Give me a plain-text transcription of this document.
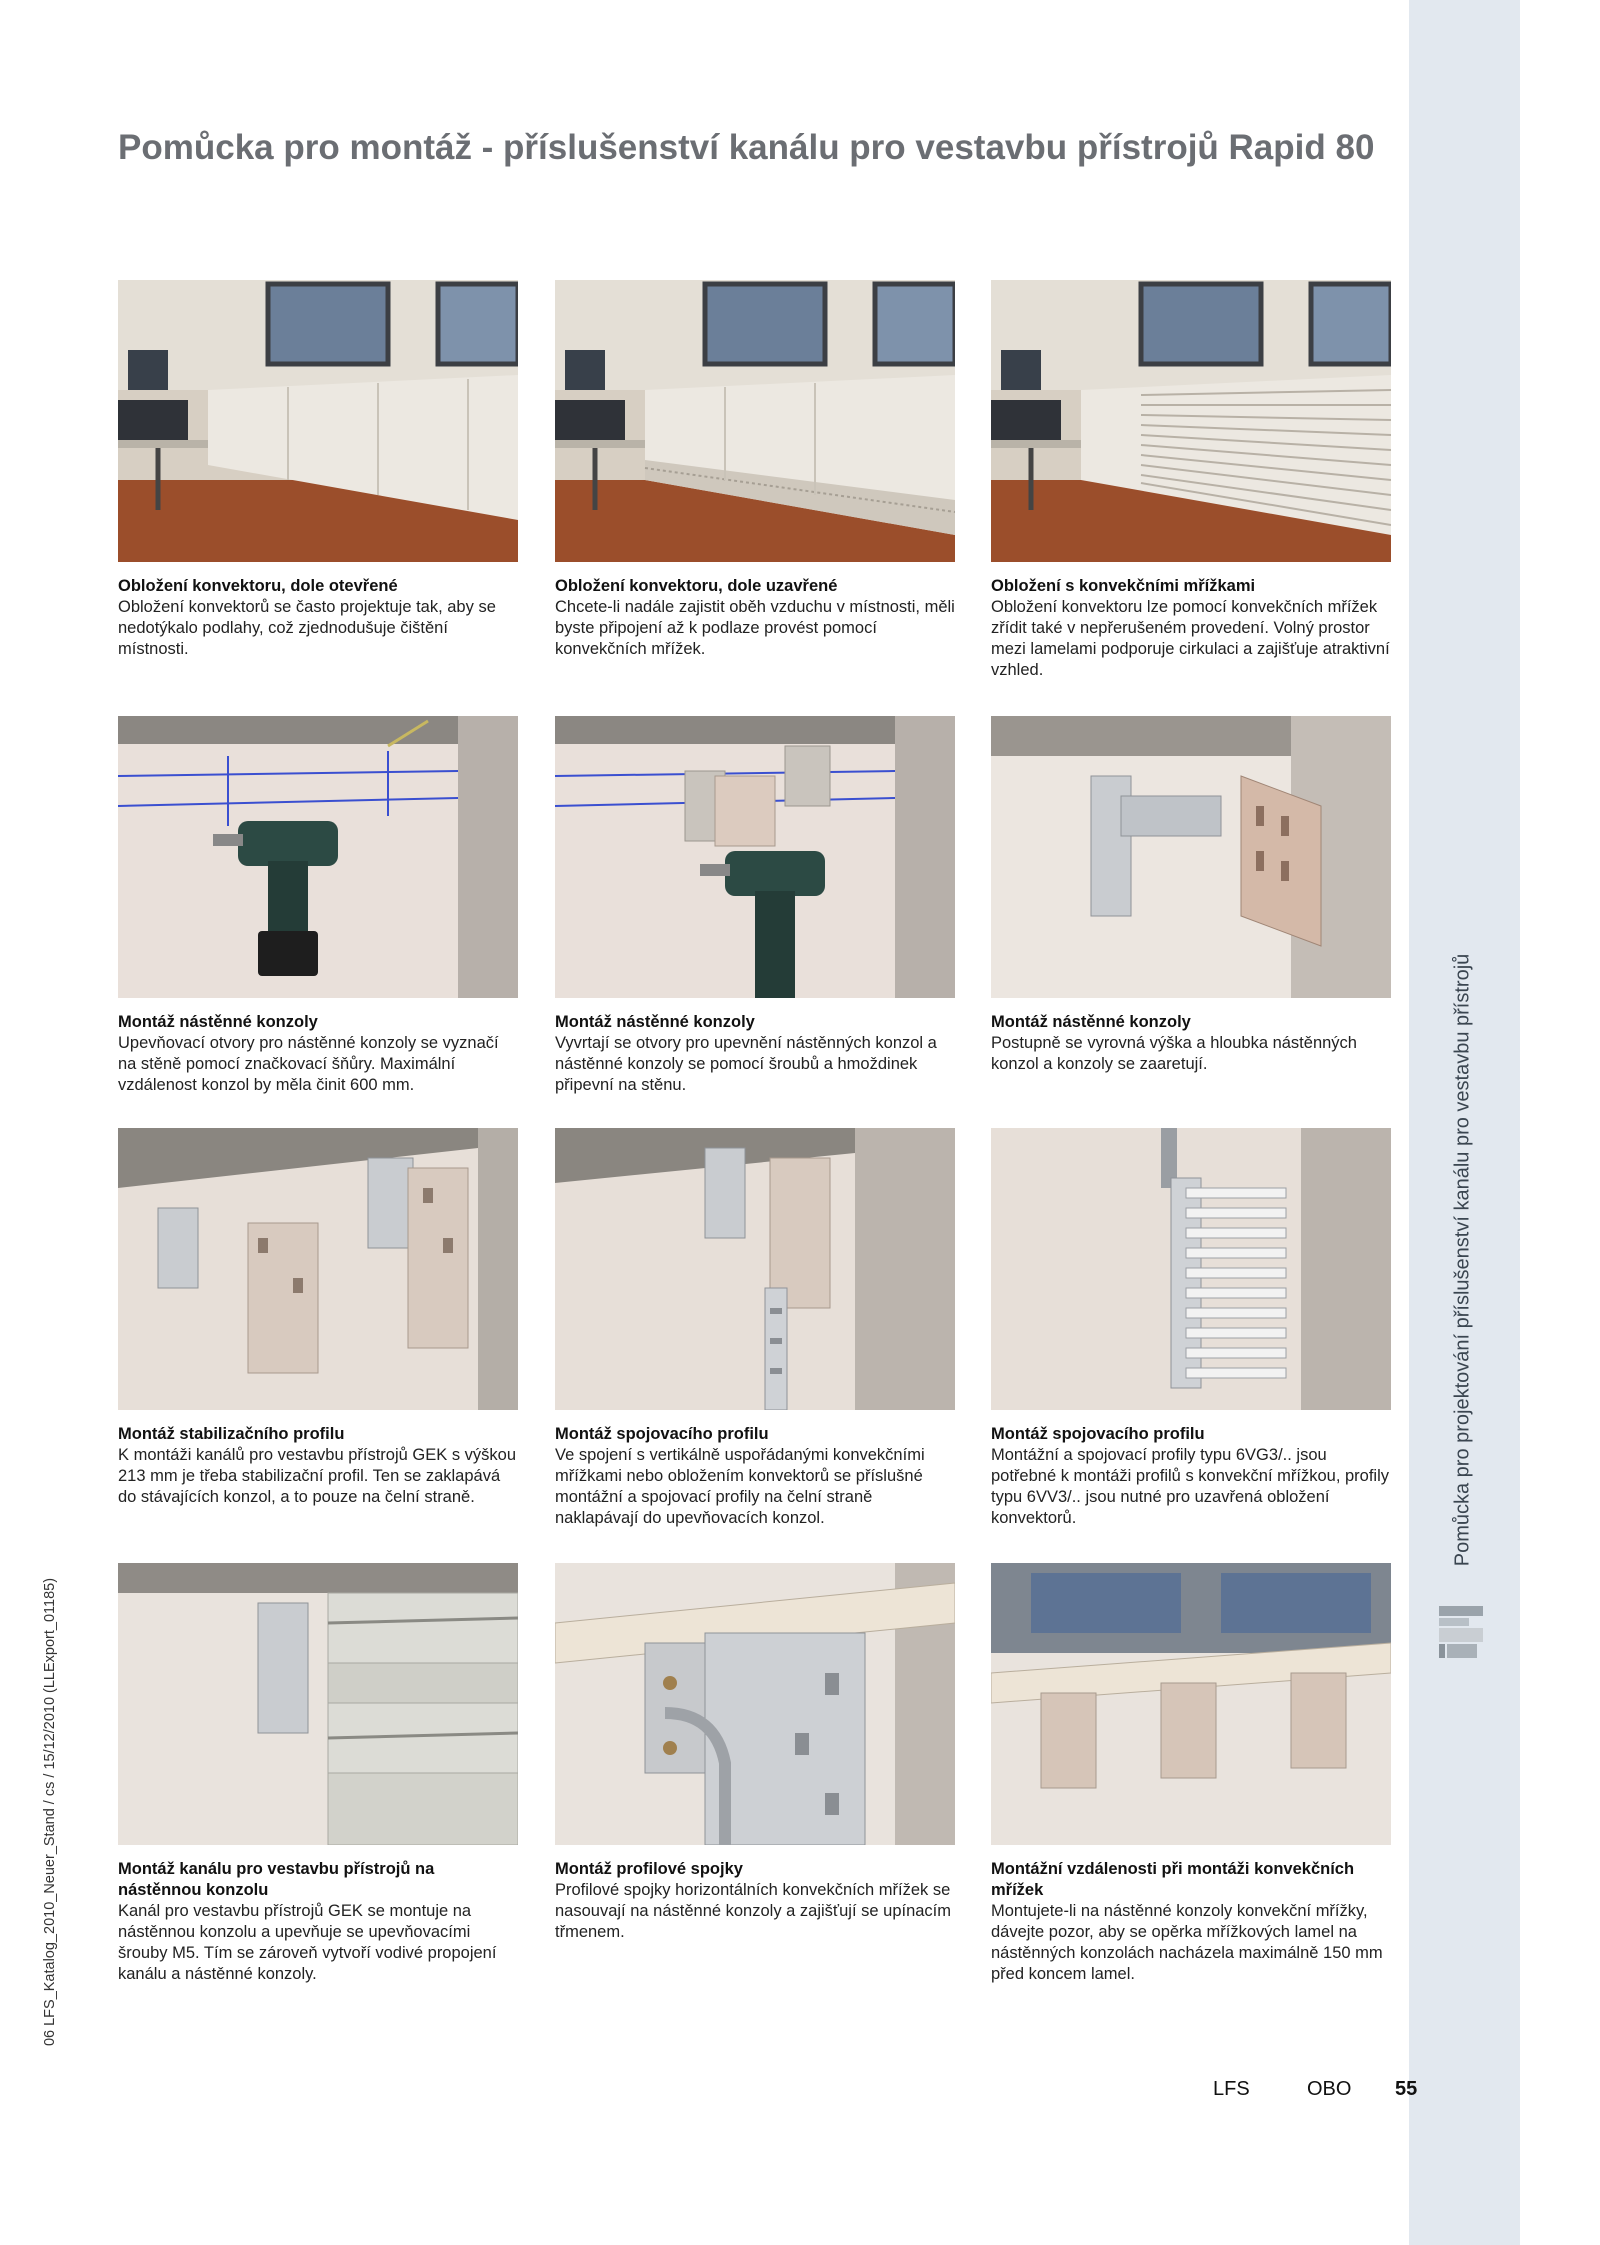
Pomůcka pro projektování příslušenství kanálu pro vestavbu přístrojů
06 LFS_Katalog_2010_Neuer_Stand / cs / 15/12/2010 (LLExport_01185)
Pomůcka pro montáž - příslušenství kanálu pro vestavbu přístrojů Rapid 80
Obložení konvektoru, dole otevřené
Obložení konvektorů se často projektuje tak, aby se nedotýkalo podlahy, což zjednodušuje čištění místnosti.
Obložení konvektoru, dole uzavřené
Chcete-li nadále zajistit oběh vzduchu v místnosti, měli byste připojení až k podlaze provést pomocí konvekčních mřížek.
Obložení s konvekčními mřížkami
Obložení konvektoru lze pomocí konvekčních mřížek zřídit také v nepřerušeném provedení. Volný prostor mezi lamelami podporuje cirkulaci a zajišťuje atraktivní vzhled.
Montáž nástěnné konzoly
Upevňovací otvory pro nástěnné konzoly se vyznačí na stěně pomocí značkovací šňůry. Maximální vzdálenost konzol by měla činit 600 mm.
Montáž nástěnné konzoly
Vyvrtají se otvory pro upevnění nástěnných konzol a nástěnné konzoly se pomocí šroubů a hmoždinek připevní na stěnu.
Montáž nástěnné konzoly
Postupně se vyrovná výška a hloubka nástěnných konzol a konzoly se zaaretují.
Montáž stabilizačního profilu
K montáži kanálů pro vestavbu přístrojů GEK s výškou 213 mm je třeba stabilizační profil. Ten se zaklapává do stávajících konzol, a to pouze na čelní straně.
Montáž spojovacího profilu
Ve spojení s vertikálně uspořádanými konvekčními mřížkami nebo obložením konvektorů se příslušné montážní a spojovací profily na čelní straně naklapávají do upevňovacích konzol.
Montáž spojovacího profilu
Montážní a spojovací profily typu 6VG3/.. jsou potřebné k montáži profilů s konvekční mřížkou, profily typu 6VV3/.. jsou nutné pro uzavřená obložení konvektorů.
Montáž kanálu pro vestavbu přístrojů na nástěnnou konzolu
Kanál pro vestavbu přístrojů GEK se montuje na nástěnnou konzolu a upevňuje se upevňovacími šrouby M5. Tím se zároveň vytvoří vodivé propojení kanálu a nástěnné konzoly.
Montáž profilové spojky
Profilové spojky horizontálních konvekčních mřížek se nasouvají na nástěnné konzoly a zajišťují se upínacím třmenem.
Montážní vzdálenosti při montáži konvekčních mřížek
Montujete-li na nástěnné konzoly konvekční mřížky, dávejte pozor, aby se opěrka mřížkových lamel na nástěnných konzolách nacházela maximálně 150 mm před koncem lamel.
LFS	OBO 55
